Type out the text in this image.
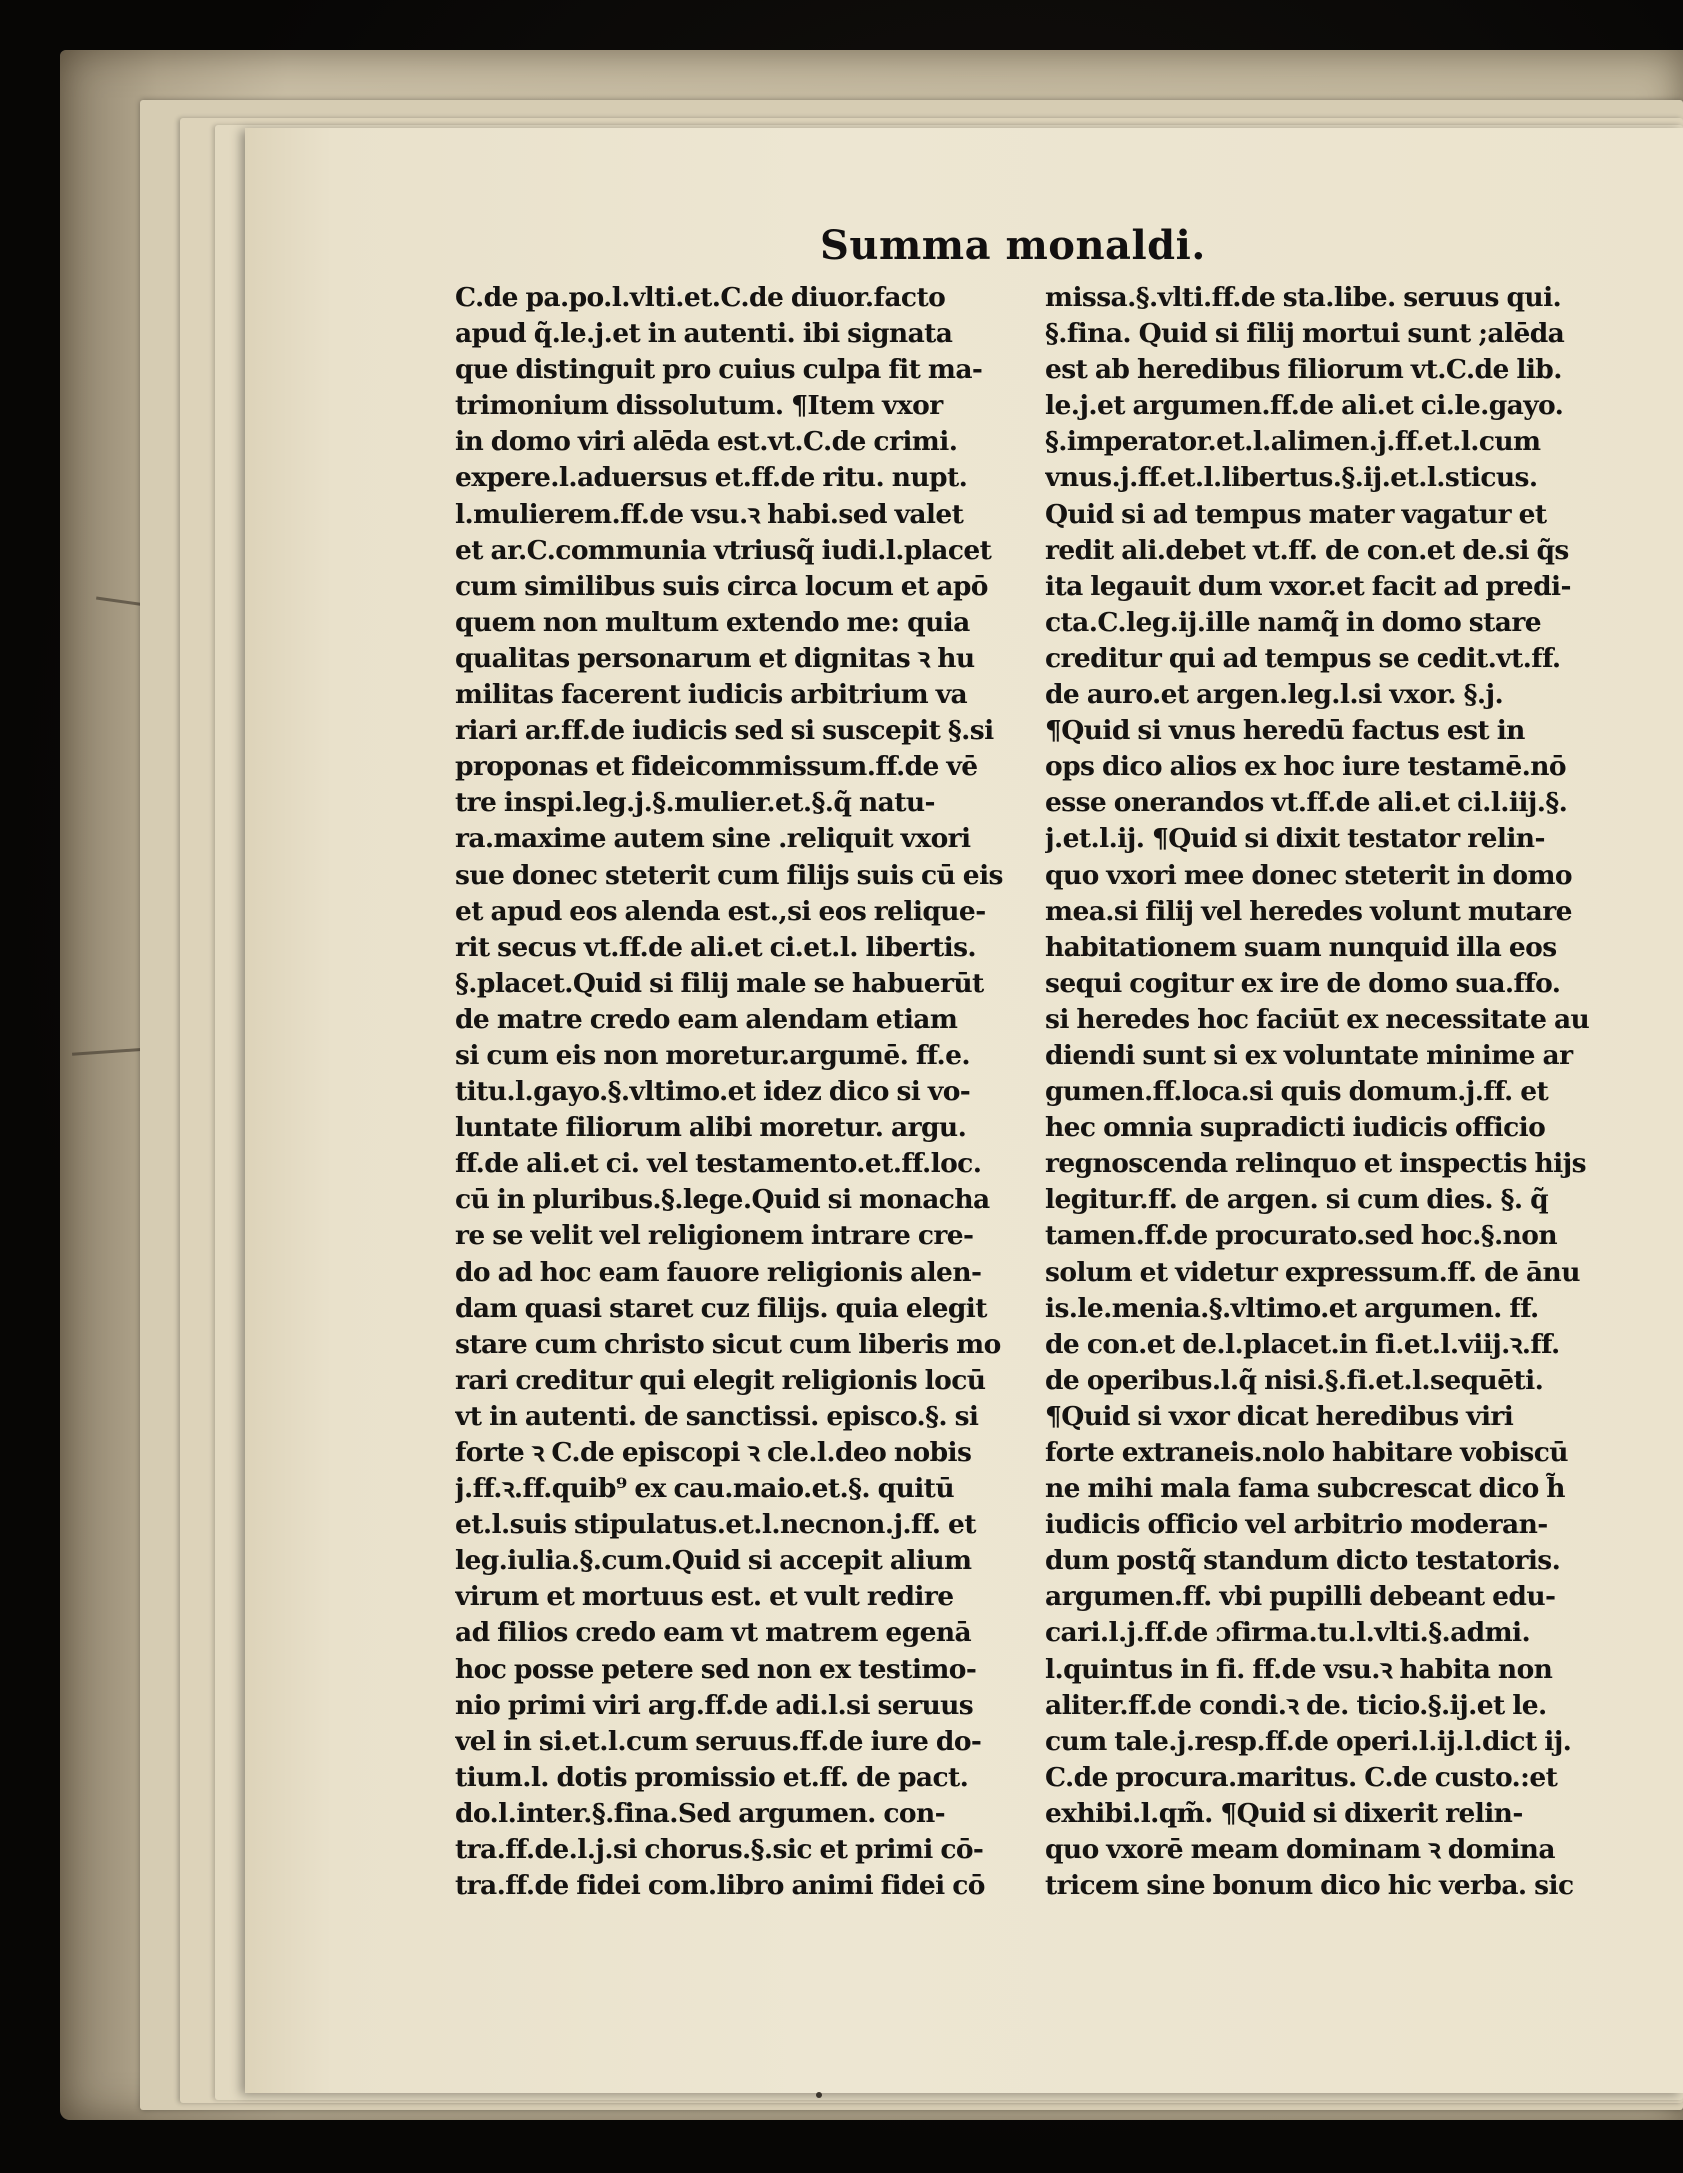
Summa monaldi.
C.de pa.po.l.vlti.et.C.de diuor.facto
apud q̃.le.j.et in autenti. ibi signata
que distinguit pro cuius culpa fit ma-
trimonium dissolutum. ¶Item vxor
in domo viri alēda est.vt.C.de crimi.
expere.l.aduersus et.ff.de ritu. nupt.
l.mulierem.ff.de vsu.ꝛ habi.sed valet
et ar.C.communia vtriusq̃ iudi.l.placet
cum similibus suis circa locum et apō
quem non multum extendo me: quia
qualitas personarum et dignitas ꝛ hu
militas facerent iudicis arbitrium va
riari ar.ff.de iudicis sed si suscepit §.si
proponas et fideicommissum.ff.de vē
tre inspi.leg.j.§.mulier.et.§.q̃ natu-
ra.maxime autem sine .reliquit vxori
sue donec steterit cum filijs suis cū eis
et apud eos alenda est.,si eos relique-
rit secus vt.ff.de ali.et ci.et.l. libertis.
§.placet.Quid si filij male se habuerūt
de matre credo eam alendam etiam
si cum eis non moretur.argumē. ff.e.
titu.l.gayo.§.vltimo.et idez dico si vo-
luntate filiorum alibi moretur. argu.
ff.de ali.et ci. vel testamento.et.ff.loc.
cū in pluribus.§.lege.Quid si monacha
re se velit vel religionem intrare cre-
do ad hoc eam fauore religionis alen-
dam quasi staret cuz filijs. quia elegit
stare cum christo sicut cum liberis mo
rari creditur qui elegit religionis locū
vt in autenti. de sanctissi. episco.§. si
forte ꝛ C.de episcopi ꝛ cle.l.deo nobis
j.ff.ꝛ.ff.quib⁹ ex cau.maio.et.§. quitū
et.l.suis stipulatus.et.l.necnon.j.ff. et
leg.iulia.§.cum.Quid si accepit alium
virum et mortuus est. et vult redire
ad filios credo eam vt matrem egenā
hoc posse petere sed non ex testimo-
nio primi viri arg.ff.de adi.l.si seruus
vel in si.et.l.cum seruus.ff.de iure do-
tium.l. dotis promissio et.ff. de pact.
do.l.inter.§.fina.Sed argumen. con-
tra.ff.de.l.j.si chorus.§.sic et primi cō-
tra.ff.de fidei com.libro animi fidei cō
missa.§.vlti.ff.de sta.libe. seruus qui.
§.fina. Quid si filij mortui sunt ;alēda
est ab heredibus filiorum vt.C.de lib.
le.j.et argumen.ff.de ali.et ci.le.gayo.
§.imperator.et.l.alimen.j.ff.et.l.cum
vnus.j.ff.et.l.libertus.§.ij.et.l.sticus.
Quid si ad tempus mater vagatur et
redit ali.debet vt.ff. de con.et de.si q̃s
ita legauit dum vxor.et facit ad predi-
cta.C.leg.ij.ille namq̃ in domo stare
creditur qui ad tempus se cedit.vt.ff.
de auro.et argen.leg.l.si vxor. §.j.
¶Quid si vnus heredū factus est in
ops dico alios ex hoc iure testamē.nō
esse onerandos vt.ff.de ali.et ci.l.iij.§.
j.et.l.ij. ¶Quid si dixit testator relin-
quo vxori mee donec steterit in domo
mea.si filij vel heredes volunt mutare
habitationem suam nunquid illa eos
sequi cogitur ex ire de domo sua.ffo.
si heredes hoc faciūt ex necessitate au
diendi sunt si ex voluntate minime ar
gumen.ff.loca.si quis domum.j.ff. et
hec omnia supradicti iudicis officio
regnoscenda relinquo et inspectis hijs
legitur.ff. de argen. si cum dies. §. q̃
tamen.ff.de procurato.sed hoc.§.non
solum et videtur expressum.ff. de ānu
is.le.menia.§.vltimo.et argumen. ff.
de con.et de.l.placet.in fi.et.l.viij.ꝛ.ff.
de operibus.l.q̃ nisi.§.fi.et.l.sequēti.
¶Quid si vxor dicat heredibus viri
forte extraneis.nolo habitare vobiscū
ne mihi mala fama subcrescat dico h̃
iudicis officio vel arbitrio moderan-
dum postq̃ standum dicto testatoris.
argumen.ff. vbi pupilli debeant edu-
cari.l.j.ff.de ɔfirma.tu.l.vlti.§.admi.
l.quintus in fi. ff.de vsu.ꝛ habita non
aliter.ff.de condi.ꝛ de. ticio.§.ij.et le.
cum tale.j.resp.ff.de operi.l.ij.l.dict ij.
C.de procura.maritus. C.de custo.:et
exhibi.l.qm̃. ¶Quid si dixerit relin-
quo vxorē meam dominam ꝛ domina
tricem sine bonum dico hic verba. sic
